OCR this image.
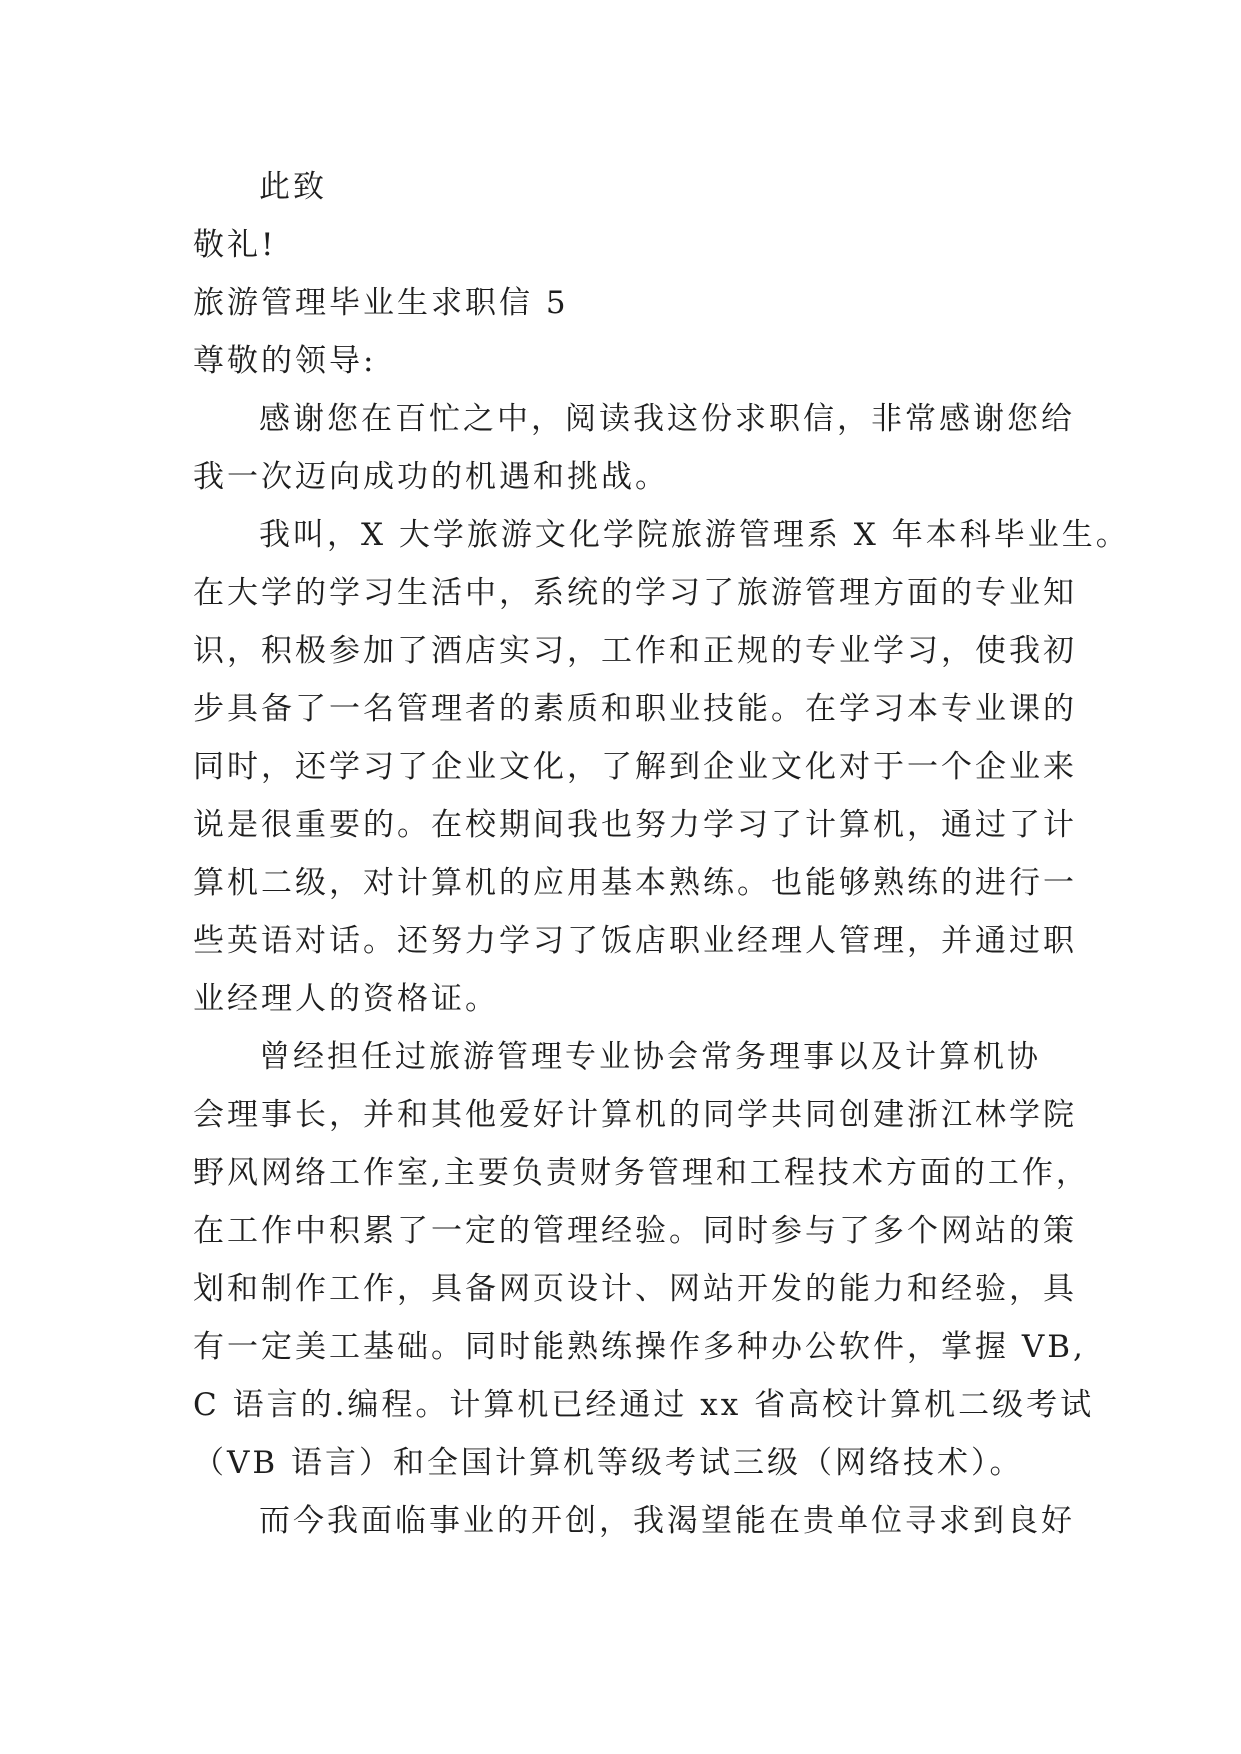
此致
敬礼!
旅游管理毕业生求职信 5
尊敬的领导:
感谢您在百忙之中，阅读我这份求职信，非常感谢您给
我一次迈向成功的机遇和挑战。
我叫，X 大学旅游文化学院旅游管理系 X 年本科毕业生。
在大学的学习生活中，系统的学习了旅游管理方面的专业知
识，积极参加了酒店实习，工作和正规的专业学习，使我初
步具备了一名管理者的素质和职业技能。在学习本专业课的
同时，还学习了企业文化，了解到企业文化对于一个企业来
说是很重要的。在校期间我也努力学习了计算机，通过了计
算机二级，对计算机的应用基本熟练。也能够熟练的进行一
些英语对话。还努力学习了饭店职业经理人管理，并通过职
业经理人的资格证。
曾经担任过旅游管理专业协会常务理事以及计算机协
会理事长，并和其他爱好计算机的同学共同创建浙江林学院
野风网络工作室,主要负责财务管理和工程技术方面的工作，
在工作中积累了一定的管理经验。同时参与了多个网站的策
划和制作工作，具备网页设计、网站开发的能力和经验，具
有一定美工基础。同时能熟练操作多种办公软件，掌握 VB,
C 语言的.编程。计算机已经通过 xx 省高校计算机二级考试
（VB 语言）和全国计算机等级考试三级（网络技术）。
而今我面临事业的开创，我渴望能在贵单位寻求到良好
